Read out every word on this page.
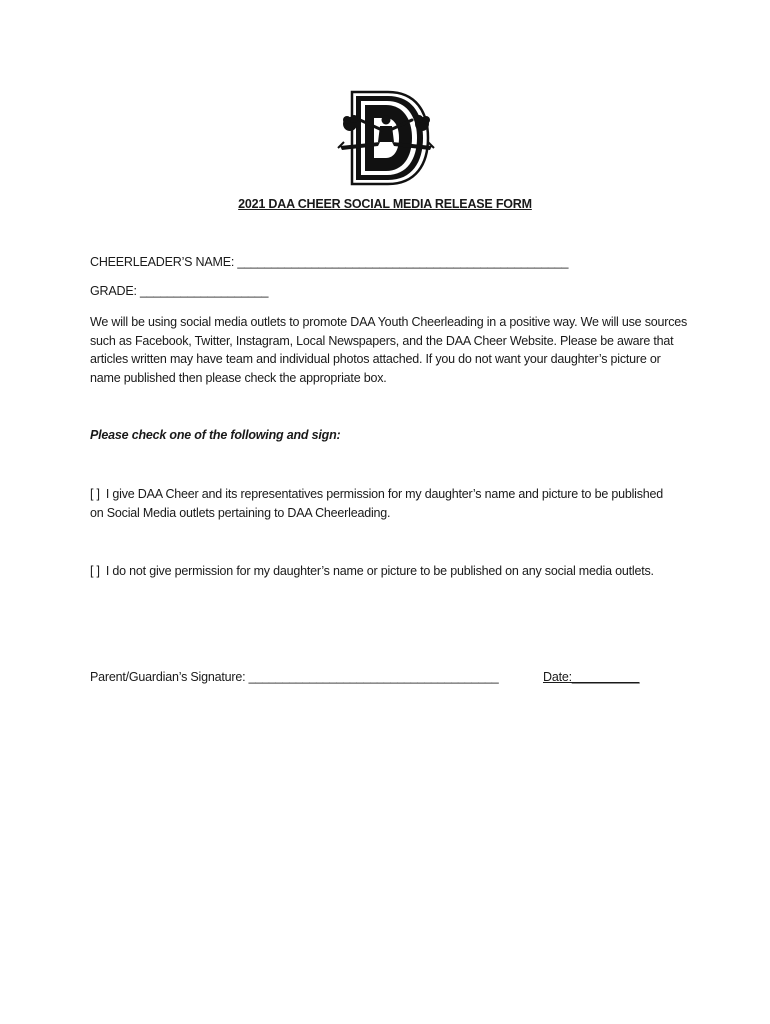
2021 DAA CHEER SOCIAL MEDIA RELEASE FORM
CHEERLEADER’S NAME: _________________________________________________
GRADE: ___________________
We will be using social media outlets to promote DAA Youth Cheerleading in a positive way. We will use sources such as Facebook, Twitter, Instagram, Local Newspapers, and the DAA Cheer Website. Please be aware that articles written may have team and individual photos attached. If you do not want your daughter’s picture or name published then please check the appropriate box.
Please check one of the following and sign:
[ ] I give DAA Cheer and its representatives permission for my daughter’s name and picture to be published on Social Media outlets pertaining to DAA Cheerleading.
[ ] I do not give permission for my daughter’s name or picture to be published on any social media outlets.
Parent/Guardian’s Signature: _____________________________________	Date:__________
